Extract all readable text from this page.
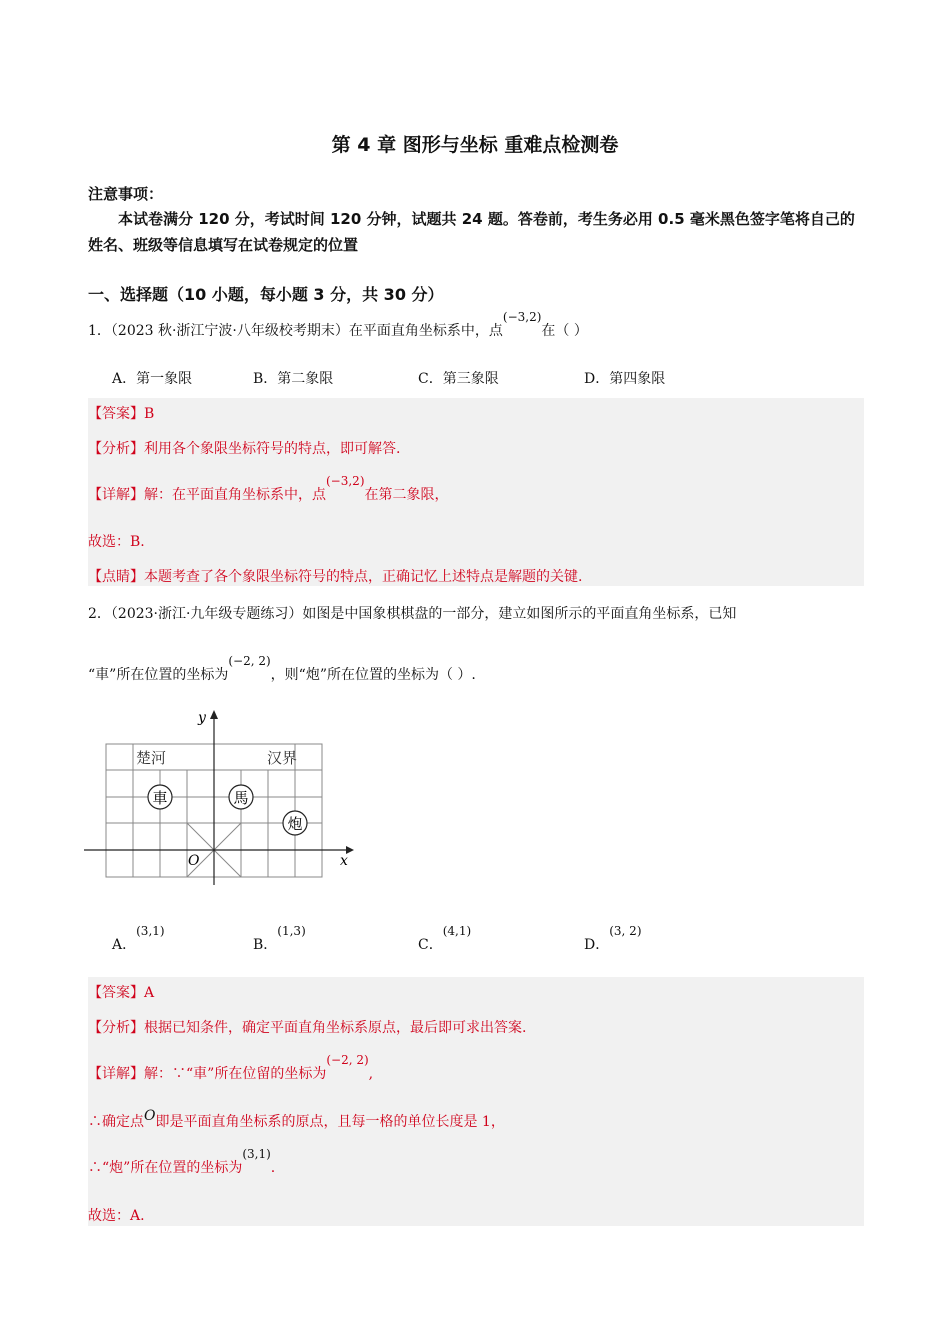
第 4 章 图形与坐标 重难点检测卷
注意事项：
本试卷满分 120 分，考试时间 120 分钟，试题共 24 题。答卷前，考生务必用 0.5 毫米黑色签字笔将自己的姓名、班级等信息填写在试卷规定的位置
一、选择题（10 小题，每小题 3 分，共 30 分）
1．（2023 秋·浙江宁波·八年级校考期末）在平面直角坐标系中，点(−3,2)在（ ）
A．第一象限	B．第二象限	C．第三象限	D．第四象限
【答案】B
【分析】利用各个象限坐标符号的特点，即可解答.
【详解】解：在平面直角坐标系中，点(−3,2)在第二象限，
故选：B.
【点睛】本题考查了各个象限坐标符号的特点，正确记忆上述特点是解题的关键.
2．（2023·浙江·九年级专题练习）如图是中国象棋棋盘的一部分，建立如图所示的平面直角坐标系，已知
“車”所在位置的坐标为(−2, 2)，则“炮”所在位置的坐标为（ ）.
x
y
O
楚河	汉界
車	馬
炮
A．(3,1)
B．(1,3)
C．(4,1)
D．(3, 2)
【答案】A
【分析】根据已知条件，确定平面直角坐标系原点，最后即可求出答案.
【详解】解：∵“車”所在位留的坐标为(−2, 2),
∴确定点O即是平面直角坐标系的原点，且每一格的单位长度是 1，
∴“炮”所在位置的坐标为(3,1).
故选：A.
